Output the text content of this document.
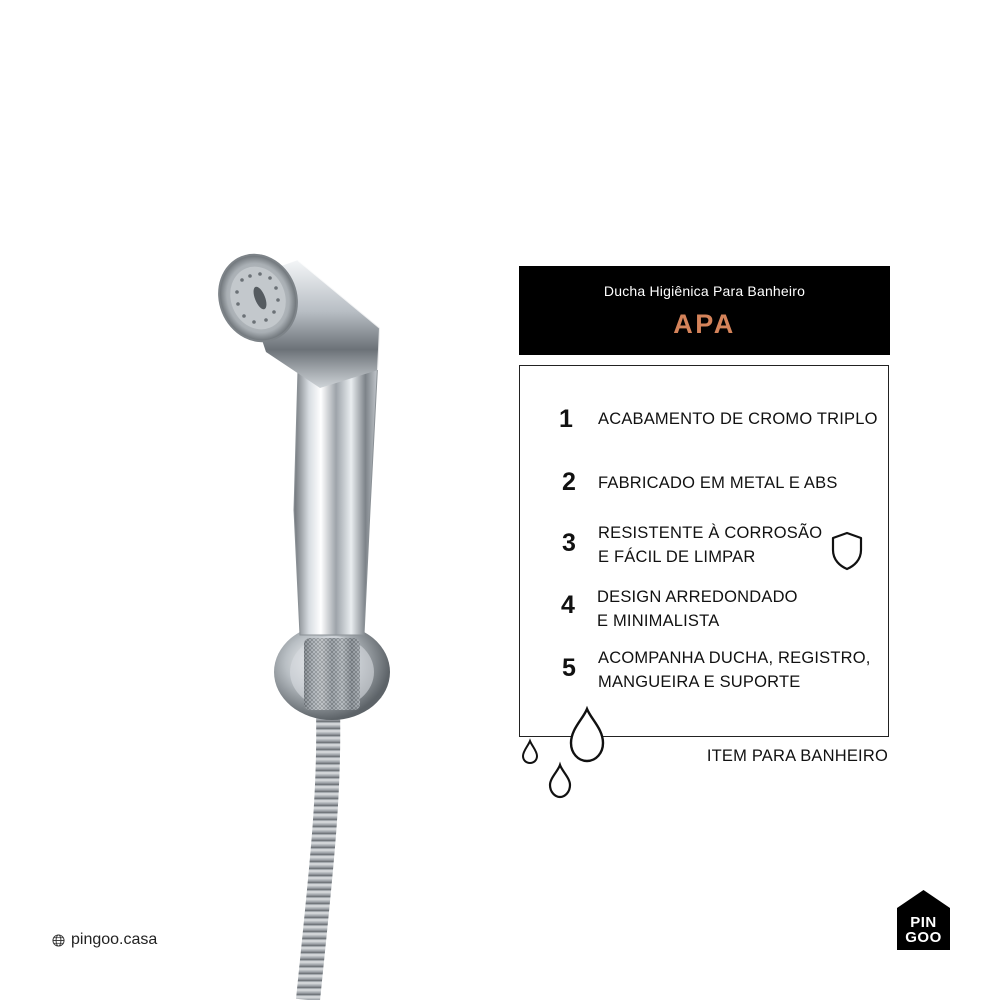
Ducha Higiênica Para Banheiro
APA
1	ACABAMENTO DE CROMO TRIPLO
2	FABRICADO EM METAL E ABS
3	RESISTENTE À CORROSÃO
E FÁCIL DE LIMPAR
4	DESIGN ARREDONDADO
E MINIMALISTA
5	ACOMPANHA DUCHA, REGISTRO,
MANGUEIRA E SUPORTE
ITEM PARA BANHEIRO
pingoo.casa
PIN
GOO
